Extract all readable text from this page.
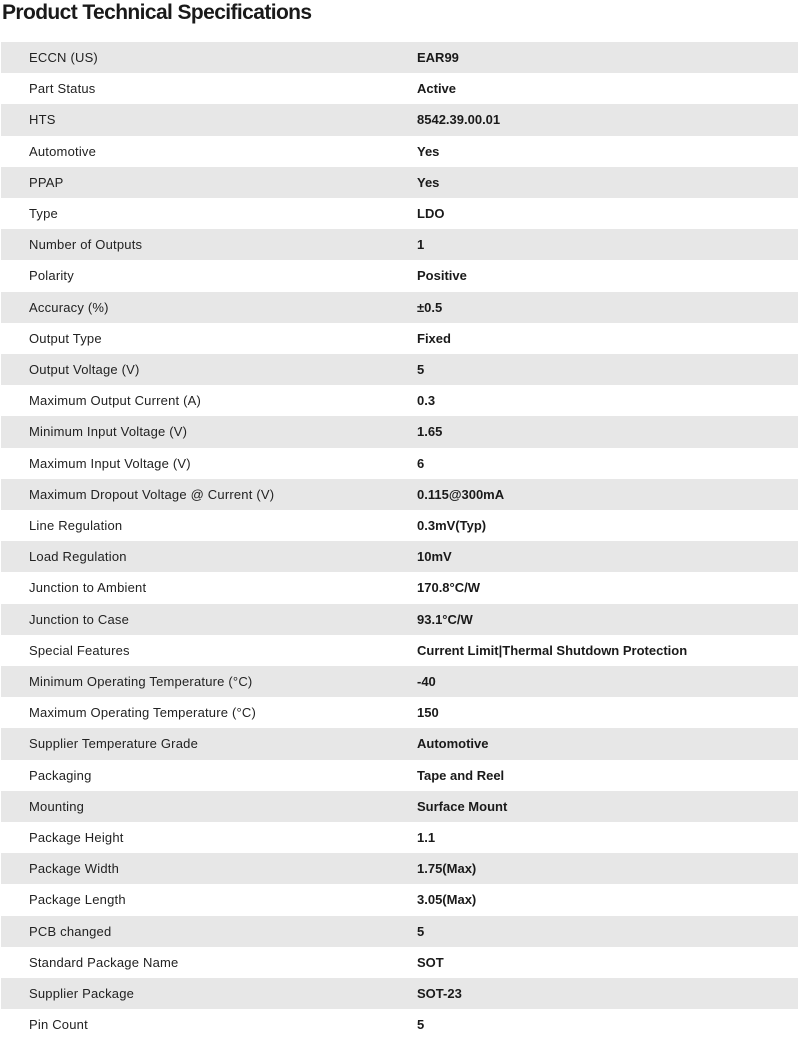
Product Technical Specifications
ECCN (US)	EAR99
Part Status	Active
HTS	8542.39.00.01
Automotive	Yes
PPAP	Yes
Type	LDO
Number of Outputs	1
Polarity	Positive
Accuracy (%)	±0.5
Output Type	Fixed
Output Voltage (V)	5
Maximum Output Current (A)	0.3
Minimum Input Voltage (V)	1.65
Maximum Input Voltage (V)	6
Maximum Dropout Voltage @ Current (V)	0.115@300mA
Line Regulation	0.3mV(Typ)
Load Regulation	10mV
Junction to Ambient	170.8°C/W
Junction to Case	93.1°C/W
Special Features	Current Limit|Thermal Shutdown Protection
Minimum Operating Temperature (°C)	-40
Maximum Operating Temperature (°C)	150
Supplier Temperature Grade	Automotive
Packaging	Tape and Reel
Mounting	Surface Mount
Package Height	1.1
Package Width	1.75(Max)
Package Length	3.05(Max)
PCB changed	5
Standard Package Name	SOT
Supplier Package	SOT-23
Pin Count	5
